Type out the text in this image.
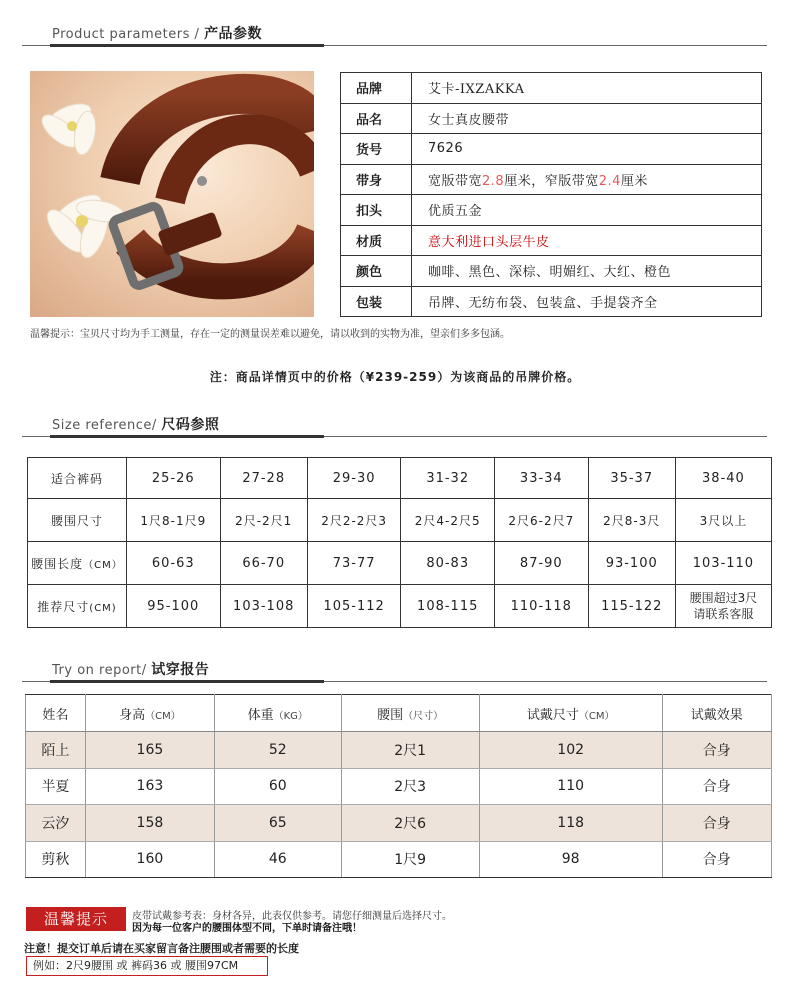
Product parameters / 产品参数
品牌	艾卡-IXZAKKA
品名	女士真皮腰带
货号	7626
带身	宽版带宽2.8厘米，窄版带宽2.4厘米
扣头	优质五金
材质	意大利进口头层牛皮
颜色	咖啡、黑色、深棕、明媚红、大红、橙色
包装	吊牌、无纺布袋、包装盒、手提袋齐全
温馨提示：宝贝尺寸均为手工测量，存在一定的测量误差难以避免，请以收到的实物为准，望亲们多多包涵。
注：商品详情页中的价格（¥239-259）为该商品的吊牌价格。
Size reference/ 尺码参照
适合裤码	25-26	27-28	29-30	31-32	33-34	35-37	38-40
腰围尺寸	1尺8-1尺9	2尺-2尺1	2尺2-2尺3	2尺4-2尺5	2尺6-2尺7	2尺8-3尺	3尺以上
腰围长度（CM）	60-63	66-70	73-77	80-83	87-90	93-100	103-110
推荐尺寸(CM)	95-100	103-108	105-112	108-115	110-118	115-122	腰围超过3尺
请联系客服
Try on report/ 试穿报告
姓名	身高（CM）	体重（KG）	腰围（尺寸）	试戴尺寸（CM）	试戴效果
陌上	165	52	2尺1	102	合身
半夏	163	60	2尺3	110	合身
云汐	158	65	2尺6	118	合身
剪秋	160	46	1尺9	98	合身
温馨提示	皮带试戴参考表：身材各异，此表仅供参考。请您仔细测量后选择尺寸。
因为每一位客户的腰围体型不同，下单时请备注哦！
注意！提交订单后请在买家留言备注腰围或者需要的长度
例如：2尺9腰围 或 裤码36 或 腰围97CM
